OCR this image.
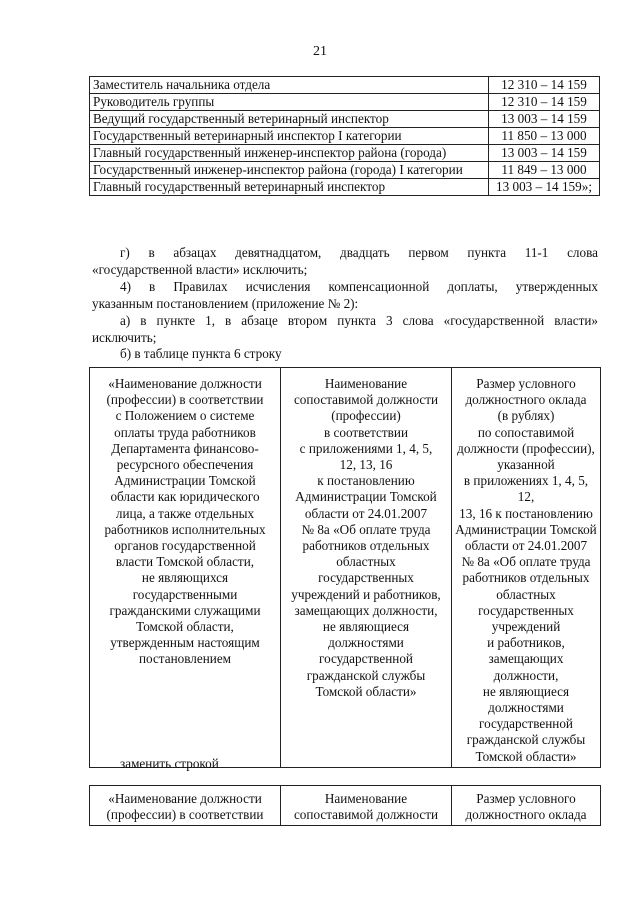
21
Заместитель начальника отдела	12 310 – 14 159
Руководитель группы	12 310 – 14 159
Ведущий государственный ветеринарный инспектор	13 003 – 14 159
Государственный ветеринарный инспектор I категории	11 850 – 13 000
Главный государственный инженер-инспектор района (города)	13 003 – 14 159
Государственный инженер-инспектор района (города) I категории	11 849 – 13 000
Главный государственный ветеринарный инспектор	13 003 – 14 159»;
г) в абзацах девятнадцатом, двадцать первом пункта 11-1 слова
«государственной власти» исключить;
4) в Правилах исчисления компенсационной доплаты, утвержденных
указанным постановлением (приложение № 2):
а) в пункте 1, в абзаце втором пункта 3 слова «государственной власти»
исключить;
б) в таблице пункта 6 строку
«Наименование должности
(профессии) в соответствии
с Положением о системе
оплаты труда работников
Департамента финансово-
ресурсного обеспечения
Администрации Томской
области как юридического
лица, а также отдельных
работников исполнительных
органов государственной
власти Томской области,
не являющихся
государственными
гражданскими служащими
Томской области,
утвержденным настоящим
постановлением	Наименование
сопоставимой должности
(профессии)
в соответствии
с приложениями 1, 4, 5,
12, 13, 16
к постановлению
Администрации Томской
области от 24.01.2007
№ 8а «Об оплате труда
работников отдельных
областных
государственных
учреждений и работников,
замещающих должности,
не являющиеся
должностями
государственной
гражданской службы
Томской области»	Размер условного
должностного оклада
(в рублях)
по сопоставимой
должности (профессии),
указанной
в приложениях 1, 4, 5, 12,
13, 16 к постановлению
Администрации Томской
области от 24.01.2007
№ 8а «Об оплате труда
работников отдельных
областных
государственных
учреждений
и работников,
замещающих должности,
не являющиеся
должностями
государственной
гражданской службы
Томской области»
заменить строкой
«Наименование должности
(профессии) в соответствии	Наименование
сопоставимой должности	Размер условного
должностного оклада
